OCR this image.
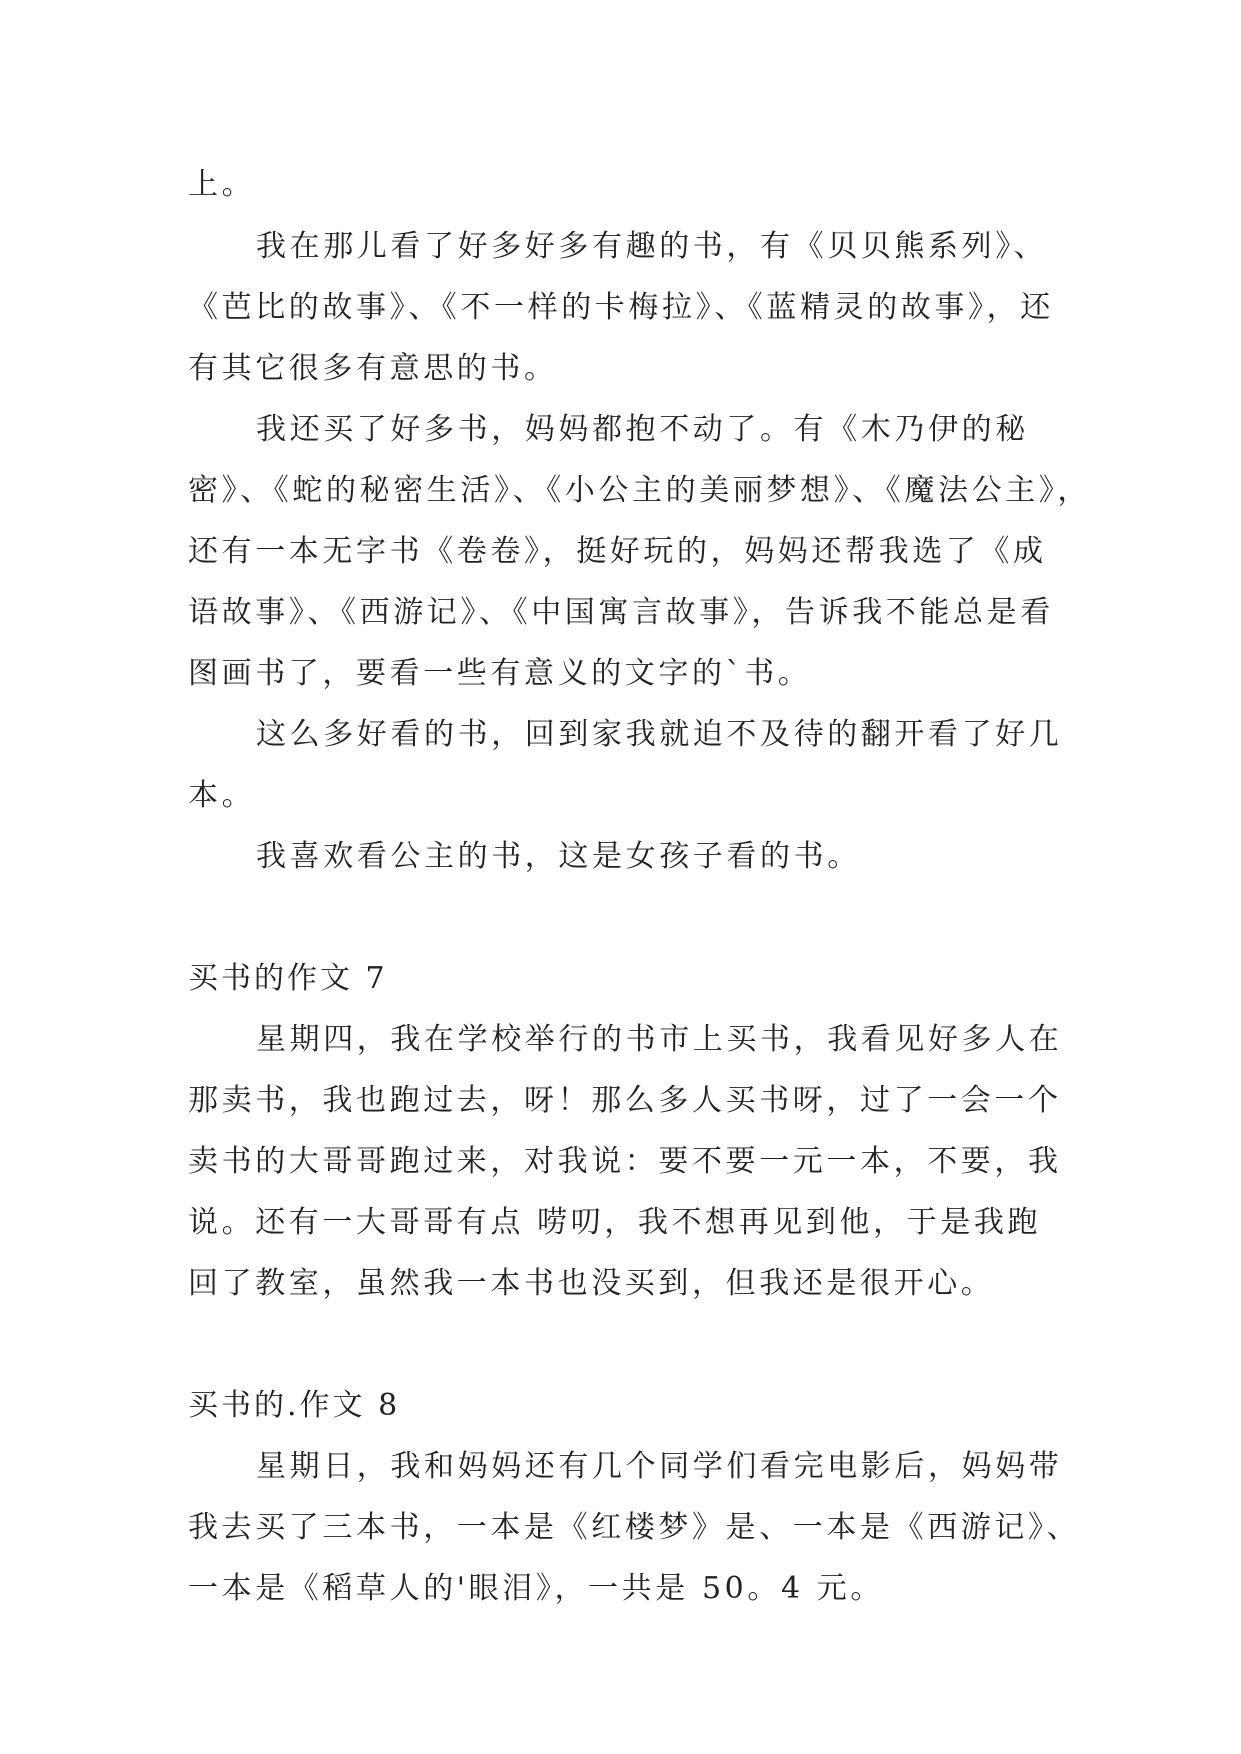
上。

我在那儿看了好多好多有趣的书，有《贝贝熊系列》、

《芭比的故事》、《不一样的卡梅拉》、《蓝精灵的故事》，还

有其它很多有意思的书。

我还买了好多书，妈妈都抱不动了。有《木乃伊的秘

密》、《蛇的秘密生活》、《小公主的美丽梦想》、《魔法公主》，

还有一本无字书《卷卷》，挺好玩的，妈妈还帮我选了《成

语故事》、《西游记》、《中国寓言故事》，告诉我不能总是看

图画书了，要看一些有意义的文字的`书。

这么多好看的书，回到家我就迫不及待的翻开看了好几

本。

我喜欢看公主的书，这是女孩子看的书。

买书的作文 7

星期四，我在学校举行的书市上买书，我看见好多人在

那卖书，我也跑过去，呀！那么多人买书呀，过了一会一个

卖书的大哥哥跑过来，对我说：要不要一元一本，不要，我

说。还有一大哥哥有点 唠叨，我不想再见到他，于是我跑

回了教室，虽然我一本书也没买到，但我还是很开心。

买书的.作文 8

星期日，我和妈妈还有几个同学们看完电影后，妈妈带

我去买了三本书，一本是《红楼梦》是、一本是《西游记》、

一本是《稻草人的'眼泪》，一共是 50。4 元。
